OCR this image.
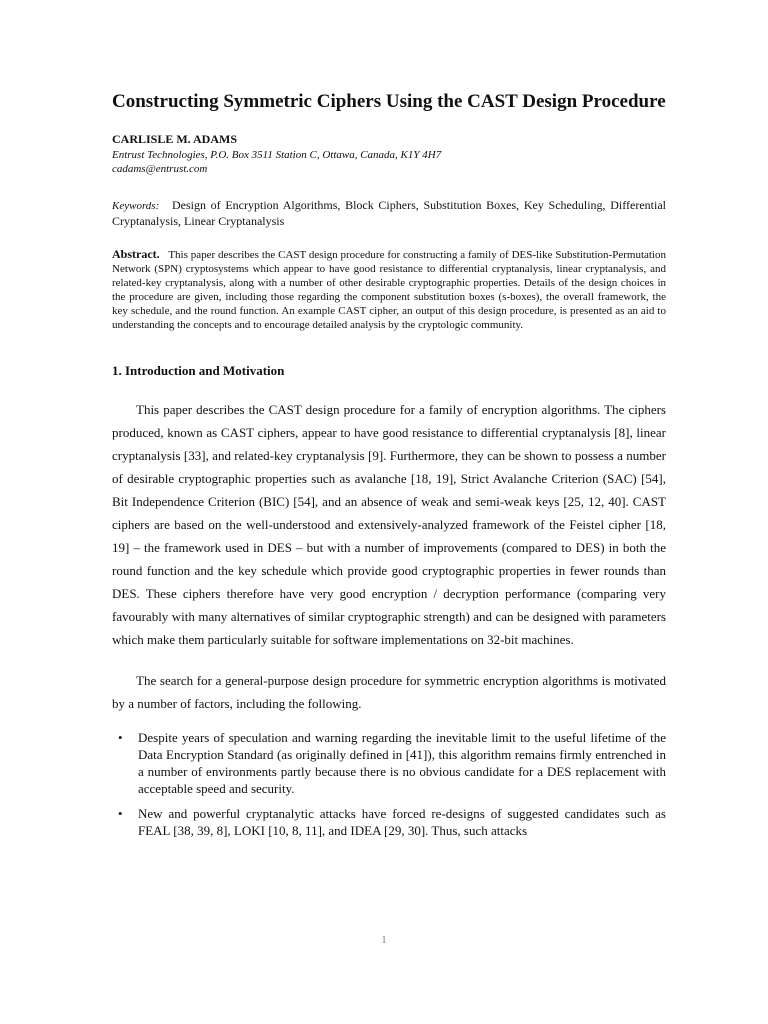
Constructing Symmetric Ciphers Using the CAST Design Procedure
CARLISLE M. ADAMS
Entrust Technologies, P.O. Box 3511 Station C, Ottawa, Canada, K1Y 4H7
cadams@entrust.com
Keywords: Design of Encryption Algorithms, Block Ciphers, Substitution Boxes, Key Scheduling, Differential Cryptanalysis, Linear Cryptanalysis
Abstract. This paper describes the CAST design procedure for constructing a family of DES-like Substitution-Permutation Network (SPN) cryptosystems which appear to have good resistance to differential cryptanalysis, linear cryptanalysis, and related-key cryptanalysis, along with a number of other desirable cryptographic properties. Details of the design choices in the procedure are given, including those regarding the component substitution boxes (s-boxes), the overall framework, the key schedule, and the round function. An example CAST cipher, an output of this design procedure, is presented as an aid to understanding the concepts and to encourage detailed analysis by the cryptologic community.
1. Introduction and Motivation

This paper describes the CAST design procedure for a family of encryption algorithms. The ciphers produced, known as CAST ciphers, appear to have good resistance to differential cryptanalysis [8], linear cryptanalysis [33], and related-key cryptanalysis [9]. Furthermore, they can be shown to possess a number of desirable cryptographic properties such as avalanche [18, 19], Strict Avalanche Criterion (SAC) [54], Bit Independence Criterion (BIC) [54], and an absence of weak and semi-weak keys [25, 12, 40]. CAST ciphers are based on the well-understood and extensively-analyzed framework of the Feistel cipher [18, 19] – the framework used in DES – but with a number of improvements (compared to DES) in both the round function and the key schedule which provide good cryptographic properties in fewer rounds than DES. These ciphers therefore have very good encryption / decryption performance (comparing very favourably with many alternatives of similar cryptographic strength) and can be designed with parameters which make them particularly suitable for software implementations on 32-bit machines.

The search for a general-purpose design procedure for symmetric encryption algorithms is motivated by a number of factors, including the following.

• Despite years of speculation and warning regarding the inevitable limit to the useful lifetime of the Data Encryption Standard (as originally defined in [41]), this algorithm remains firmly entrenched in a number of environments partly because there is no obvious candidate for a DES replacement with acceptable speed and security.
• New and powerful cryptanalytic attacks have forced re-designs of suggested candidates such as FEAL [38, 39, 8], LOKI [10, 8, 11], and IDEA [29, 30]. Thus, such attacks
1
